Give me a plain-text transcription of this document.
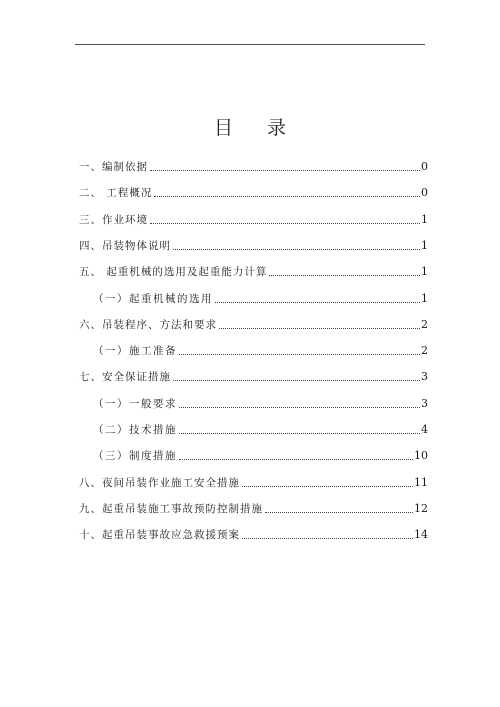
目 录
一、编制依据	0
二、 工程概况	0
三、作业环境	1
四、吊装物体说明	1
五、 起重机械的选用及起重能力计算	1
（一）起重机械的选用	1
六、吊装程序、方法和要求	2
（一）施工准备	2
七、安全保证措施	3
（一）一般要求	3
（二）技术措施	4
（三）制度措施	10
八、夜间吊装作业施工安全措施	11
九、起重吊装施工事故预防控制措施	12
十、起重吊装事故应急救援预案	14
